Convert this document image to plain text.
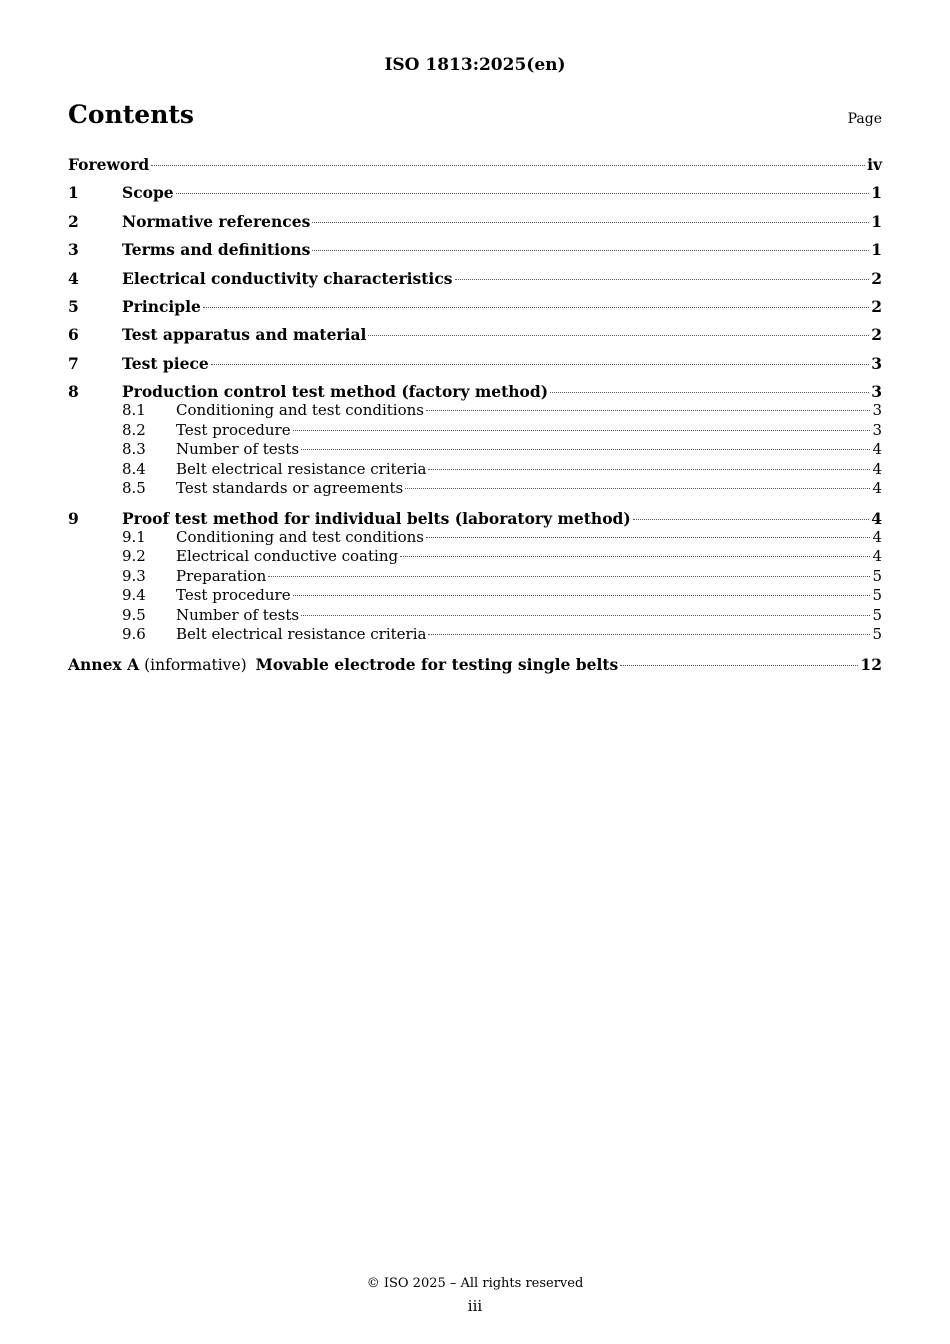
ISO 1813:2025(en)
Contents	Page
Foreword	iv
1	Scope	1
2	Normative references	1
3	Terms and definitions	1
4	Electrical conductivity characteristics	2
5	Principle	2
6	Test apparatus and material	2
7	Test piece	3
8	Production control test method (factory method)	3
8.1	Conditioning and test conditions	3
8.2	Test procedure	3
8.3	Number of tests	4
8.4	Belt electrical resistance criteria	4
8.5	Test standards or agreements	4
9	Proof test method for individual belts (laboratory method)	4
9.1	Conditioning and test conditions	4
9.2	Electrical conductive coating	4
9.3	Preparation	5
9.4	Test procedure	5
9.5	Number of tests	5
9.6	Belt electrical resistance criteria	5
Annex A (informative) Movable electrode for testing single belts	12
© ISO 2025 – All rights reserved
iii
